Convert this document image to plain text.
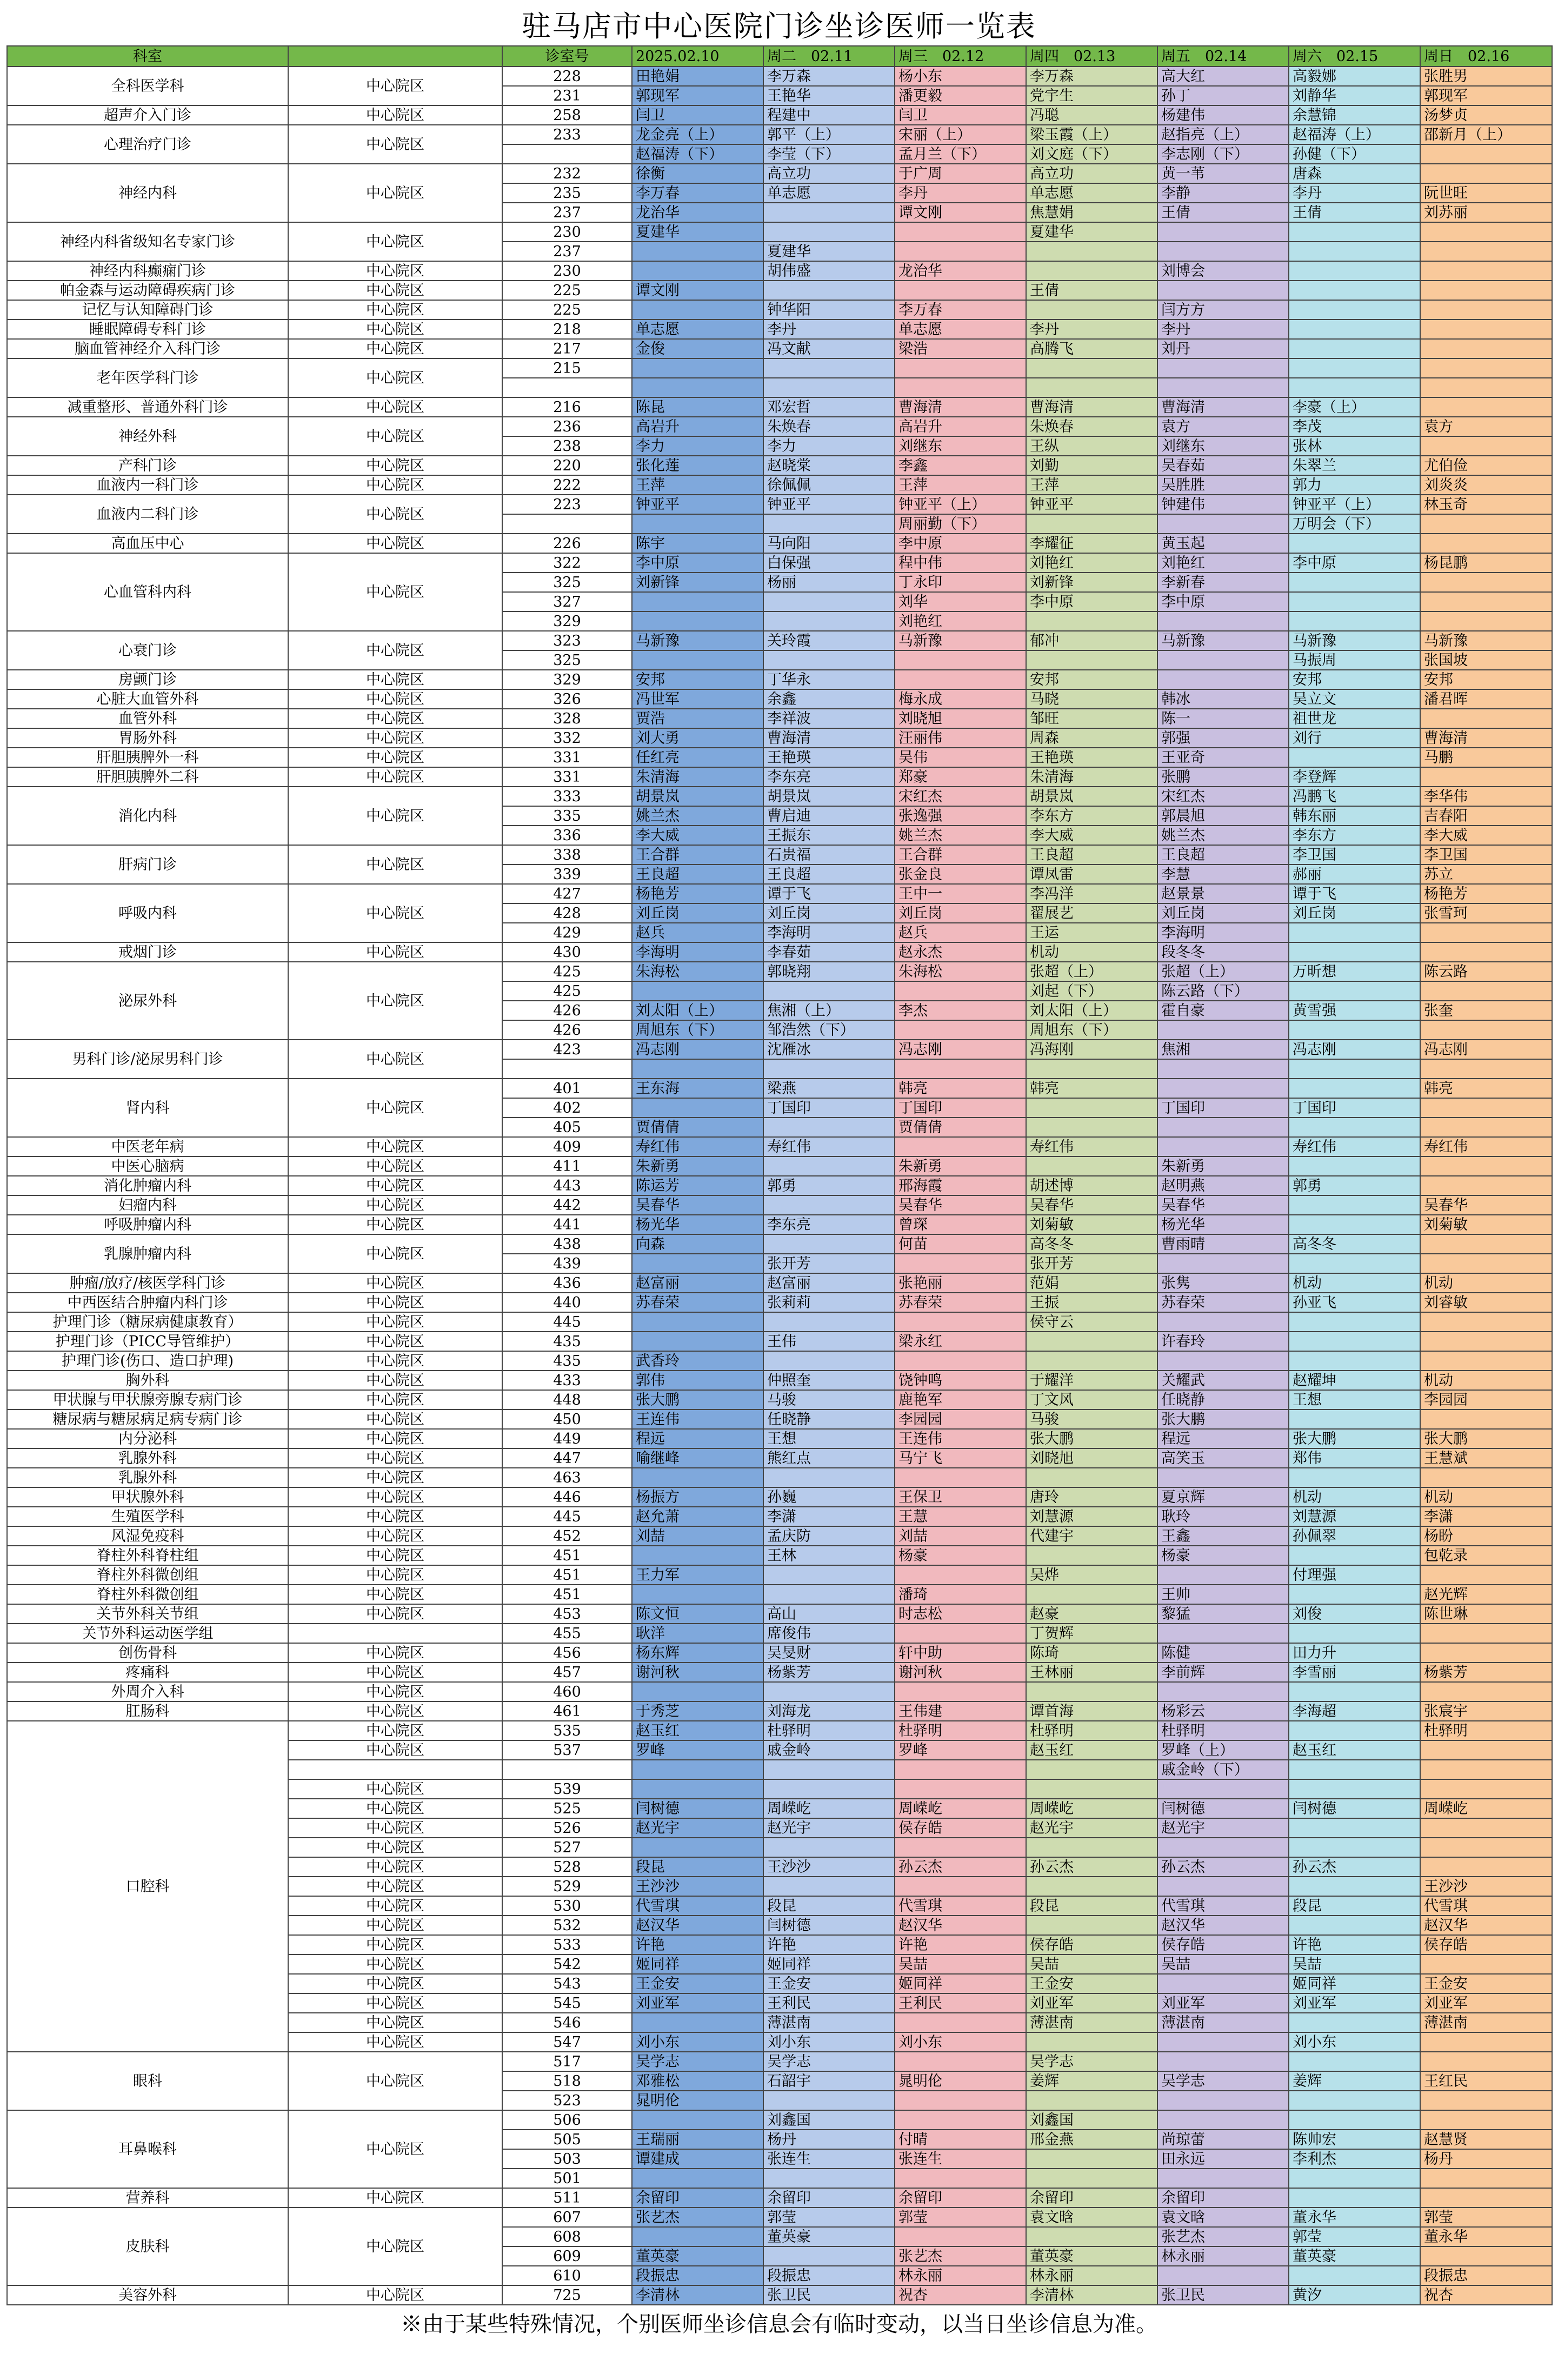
驻马店市中心医院门诊坐诊医师一览表
科室		诊室号	2025.02.10	周二　02.11	周三　02.12	周四　02.13	周五　02.14	周六　02.15	周日　02.16
全科医学科	中心院区	228	田艳娟	李万森	杨小东	李万森	高大红	高毅娜	张胜男
		231	郭现军	王艳华	潘更毅	党宇生	孙丁	刘静华	郭现军
超声介入门诊	中心院区	258	闫卫	程建中	闫卫	冯聪	杨建伟	余慧锦	汤梦贞
心理治疗门诊	中心院区	233	龙金亮（上）	郭平（上）	宋丽（上）	梁玉霞（上）	赵指亮（上）	赵福涛（上）	邵新月（上）
			赵福涛（下）	李莹（下）	孟月兰（下）	刘文庭（下）	李志刚（下）	孙健（下）	
神经内科	中心院区	232	徐衡	高立功	于广周	高立功	黄一苇	唐森	
		235	李万春	单志愿	李丹	单志愿	李静	李丹	阮世旺
		237	龙治华		谭文刚	焦慧娟	王倩	王倩	刘苏丽
神经内科省级知名专家门诊	中心院区	230	夏建华			夏建华			
		237		夏建华					
神经内科癫痫门诊	中心院区	230		胡伟盛	龙治华		刘博会		
帕金森与运动障碍疾病门诊	中心院区	225	谭文刚			王倩			
记忆与认知障碍门诊	中心院区	225		钟华阳	李万春		闫方方		
睡眠障碍专科门诊	中心院区	218	单志愿	李丹	单志愿	李丹	李丹		
脑血管神经介入科门诊	中心院区	217	金俊	冯文献	梁浩	高腾飞	刘丹		
老年医学科门诊	中心院区	215							

减重整形、普通外科门诊	中心院区	216	陈昆	邓宏哲	曹海清	曹海清	曹海清	李豪（上）	
神经外科	中心院区	236	高岩升	朱焕春	高岩升	朱焕春	袁方	李茂	袁方
		238	李力	李力	刘继东	王纵	刘继东	张林	
产科门诊	中心院区	220	张化莲	赵晓棠	李鑫	刘勤	吴春茹	朱翠兰	尤伯俭
血液内一科门诊	中心院区	222	王萍	徐佩佩	王萍	王萍	吴胜胜	郭力	刘炎炎
血液内二科门诊	中心院区	223	钟亚平	钟亚平	钟亚平（上）	钟亚平	钟建伟	钟亚平（上）	林玉奇
					周丽勤（下）			万明会（下）	
高血压中心	中心院区	226	陈宇	马向阳	李中原	李耀征	黄玉起		
心血管科内科	中心院区	322	李中原	白保强	程中伟	刘艳红	刘艳红	李中原	杨昆鹏
		325	刘新锋	杨丽	丁永印	刘新锋	李新春		
		327			刘华	李中原	李中原		
		329			刘艳红				
心衰门诊	中心院区	323	马新豫	关玲霞	马新豫	郁冲	马新豫	马新豫	马新豫
		325						马振周	张国坡
房颤门诊	中心院区	329	安邦	丁华永		安邦		安邦	安邦
心脏大血管外科	中心院区	326	冯世军	余鑫	梅永成	马晓	韩冰	吴立文	潘君晖
血管外科	中心院区	328	贾浩	李祥波	刘晓旭	邹旺	陈一	祖世龙	
胃肠外科	中心院区	332	刘大勇	曹海清	汪丽伟	周森	郭强	刘行	曹海清
肝胆胰脾外一科	中心院区	331	任红亮	王艳瑛	吴伟	王艳瑛	王亚奇		马鹏
肝胆胰脾外二科	中心院区	331	朱清海	李东亮	郑豪	朱清海	张鹏	李登辉	
消化内科	中心院区	333	胡景岚	胡景岚	宋红杰	胡景岚	宋红杰	冯鹏飞	李华伟
		335	姚兰杰	曹启迪	张逸强	李东方	郭晨旭	韩东丽	吉春阳
		336	李大威	王振东	姚兰杰	李大威	姚兰杰	李东方	李大威
肝病门诊	中心院区	338	王合群	石贵福	王合群	王良超	王良超	李卫国	李卫国
		339	王良超	王良超	张金良	谭凤雷	李慧	郝丽	苏立
呼吸内科	中心院区	427	杨艳芳	谭于飞	王中一	李冯洋	赵景景	谭于飞	杨艳芳
		428	刘丘岗	刘丘岗	刘丘岗	翟展艺	刘丘岗	刘丘岗	张雪珂
		429	赵兵	李海明	赵兵	王运	李海明		
戒烟门诊	中心院区	430	李海明	李春茹	赵永杰	机动	段冬冬		
泌尿外科	中心院区	425	朱海松	郭晓翔	朱海松	张超（上）	张超（上）	万昕想	陈云路
		425				刘起（下）	陈云路（下）		
		426	刘太阳（上）	焦湘（上）	李杰	刘太阳（上）	霍自豪	黄雪强	张奎
		426	周旭东（下）	邹浩然（下）		周旭东（下）			
男科门诊/泌尿男科门诊	中心院区	423	冯志刚	沈雁冰	冯志刚	冯海刚	焦湘	冯志刚	冯志刚

肾内科	中心院区	401	王东海	梁燕	韩亮	韩亮			韩亮
		402		丁国印	丁国印		丁国印	丁国印	
		405	贾倩倩		贾倩倩				
中医老年病	中心院区	409	寿红伟	寿红伟		寿红伟		寿红伟	寿红伟
中医心脑病	中心院区	411	朱新勇		朱新勇		朱新勇		
消化肿瘤内科	中心院区	443	陈运芳	郭勇	邢海霞	胡述博	赵明燕	郭勇	
妇瘤内科	中心院区	442	吴春华		吴春华	吴春华	吴春华		吴春华
呼吸肿瘤内科	中心院区	441	杨光华	李东亮	曾琛	刘菊敏	杨光华		刘菊敏
乳腺肿瘤内科	中心院区	438	向森		何苗	高冬冬	曹雨晴	高冬冬	
		439		张开芳		张开芳			
肿瘤/放疗/核医学科门诊	中心院区	436	赵富丽	赵富丽	张艳丽	范娟	张隽	机动	机动
中西医结合肿瘤内科门诊	中心院区	440	苏春荣	张莉莉	苏春荣	王振	苏春荣	孙亚飞	刘睿敏
护理门诊（糖尿病健康教育）	中心院区	445				侯守云			
护理门诊（PICC导管维护）	中心院区	435		王伟	梁永红		许春玲		
护理门诊(伤口、造口护理)	中心院区	435	武香玲						
胸外科	中心院区	433	郭伟	仲照奎	饶钟鸣	于耀洋	关耀武	赵耀坤	机动
甲状腺与甲状腺旁腺专病门诊	中心院区	448	张大鹏	马骏	鹿艳军	丁文风	任晓静	王想	李园园
糖尿病与糖尿病足病专病门诊	中心院区	450	王连伟	任晓静	李园园	马骏	张大鹏		
内分泌科	中心院区	449	程远	王想	王连伟	张大鹏	程远	张大鹏	张大鹏
乳腺外科	中心院区	447	喻继峰	熊红点	马宁飞	刘晓旭	高笑玉	郑伟	王慧斌
乳腺外科	中心院区	463							
甲状腺外科	中心院区	446	杨振方	孙巍	王保卫	唐玲	夏京辉	机动	机动
生殖医学科	中心院区	445	赵允萧	李潇	王慧	刘慧源	耿玲	刘慧源	李潇
风湿免疫科	中心院区	452	刘喆	孟庆防	刘喆	代建宇	王鑫	孙佩翠	杨盼
脊柱外科脊柱组	中心院区	451		王林	杨豪		杨豪		包乾录
脊柱外科微创组	中心院区	451	王力军			吴烨		付理强	
脊柱外科微创组	中心院区	451			潘琦		王帅		赵光辉
关节外科关节组	中心院区	453	陈文恒	高山	时志松	赵豪	黎猛	刘俊	陈世琳
关节外科运动医学组		455	耿洋	席俊伟		丁贺辉			
创伤骨科	中心院区	456	杨东辉	吴旻财	轩中助	陈琦	陈健	田力升	
疼痛科	中心院区	457	谢河秋	杨紫芳	谢河秋	王林丽	李前辉	李雪丽	杨紫芳
外周介入科	中心院区	460							
肛肠科	中心院区	461	于秀芝	刘海龙	王伟建	谭首海	杨彩云	李海超	张宸宇
口腔科	中心院区	535	赵玉红	杜驿明	杜驿明	杜驿明	杜驿明		杜驿明
	中心院区	537	罗峰	戚金岭	罗峰	赵玉红	罗峰（上）	赵玉红	
							戚金岭（下）		
	中心院区	539							
	中心院区	525	闫树德	周嵘屹	周嵘屹	周嵘屹	闫树德	闫树德	周嵘屹
	中心院区	526	赵光宇	赵光宇	侯存皓	赵光宇	赵光宇		
	中心院区	527							
	中心院区	528	段昆	王沙沙	孙云杰	孙云杰	孙云杰	孙云杰	
	中心院区	529	王沙沙						王沙沙
	中心院区	530	代雪琪	段昆	代雪琪	段昆	代雪琪	段昆	代雪琪
	中心院区	532	赵汉华	闫树德	赵汉华		赵汉华		赵汉华
	中心院区	533	许艳	许艳	许艳	侯存皓	侯存皓	许艳	侯存皓
	中心院区	542	姬同祥	姬同祥	吴喆	吴喆	吴喆	吴喆	
	中心院区	543	王金安	王金安	姬同祥	王金安		姬同祥	王金安
	中心院区	545	刘亚军	王利民	王利民	刘亚军	刘亚军	刘亚军	刘亚军
	中心院区	546		薄湛南		薄湛南	薄湛南		薄湛南
	中心院区	547	刘小东	刘小东	刘小东			刘小东	
眼科	中心院区	517	吴学志	吴学志		吴学志			
		518	邓雅松	石韶宇	晁明伦	姜辉	吴学志	姜辉	王红民
		523	晁明伦						
耳鼻喉科	中心院区	506		刘鑫国		刘鑫国			
		505	王瑞丽	杨丹	付晴	邢金燕	尚琼蕾	陈帅宏	赵慧贤
		503	谭建成	张连生	张连生		田永远	李利杰	杨丹
		501							
营养科	中心院区	511	余留印	余留印	余留印	余留印	余留印		
皮肤科	中心院区	607	张艺杰	郭莹	郭莹	袁文晗	袁文晗	董永华	郭莹
		608		董英豪			张艺杰	郭莹	董永华
		609	董英豪		张艺杰	董英豪	林永丽	董英豪	
		610	段振忠	段振忠	林永丽	林永丽			段振忠
美容外科	中心院区	725	李清林	张卫民	祝杏	李清林	张卫民	黄汐	祝杏
※由于某些特殊情况，个别医师坐诊信息会有临时变动，以当日坐诊信息为准。
